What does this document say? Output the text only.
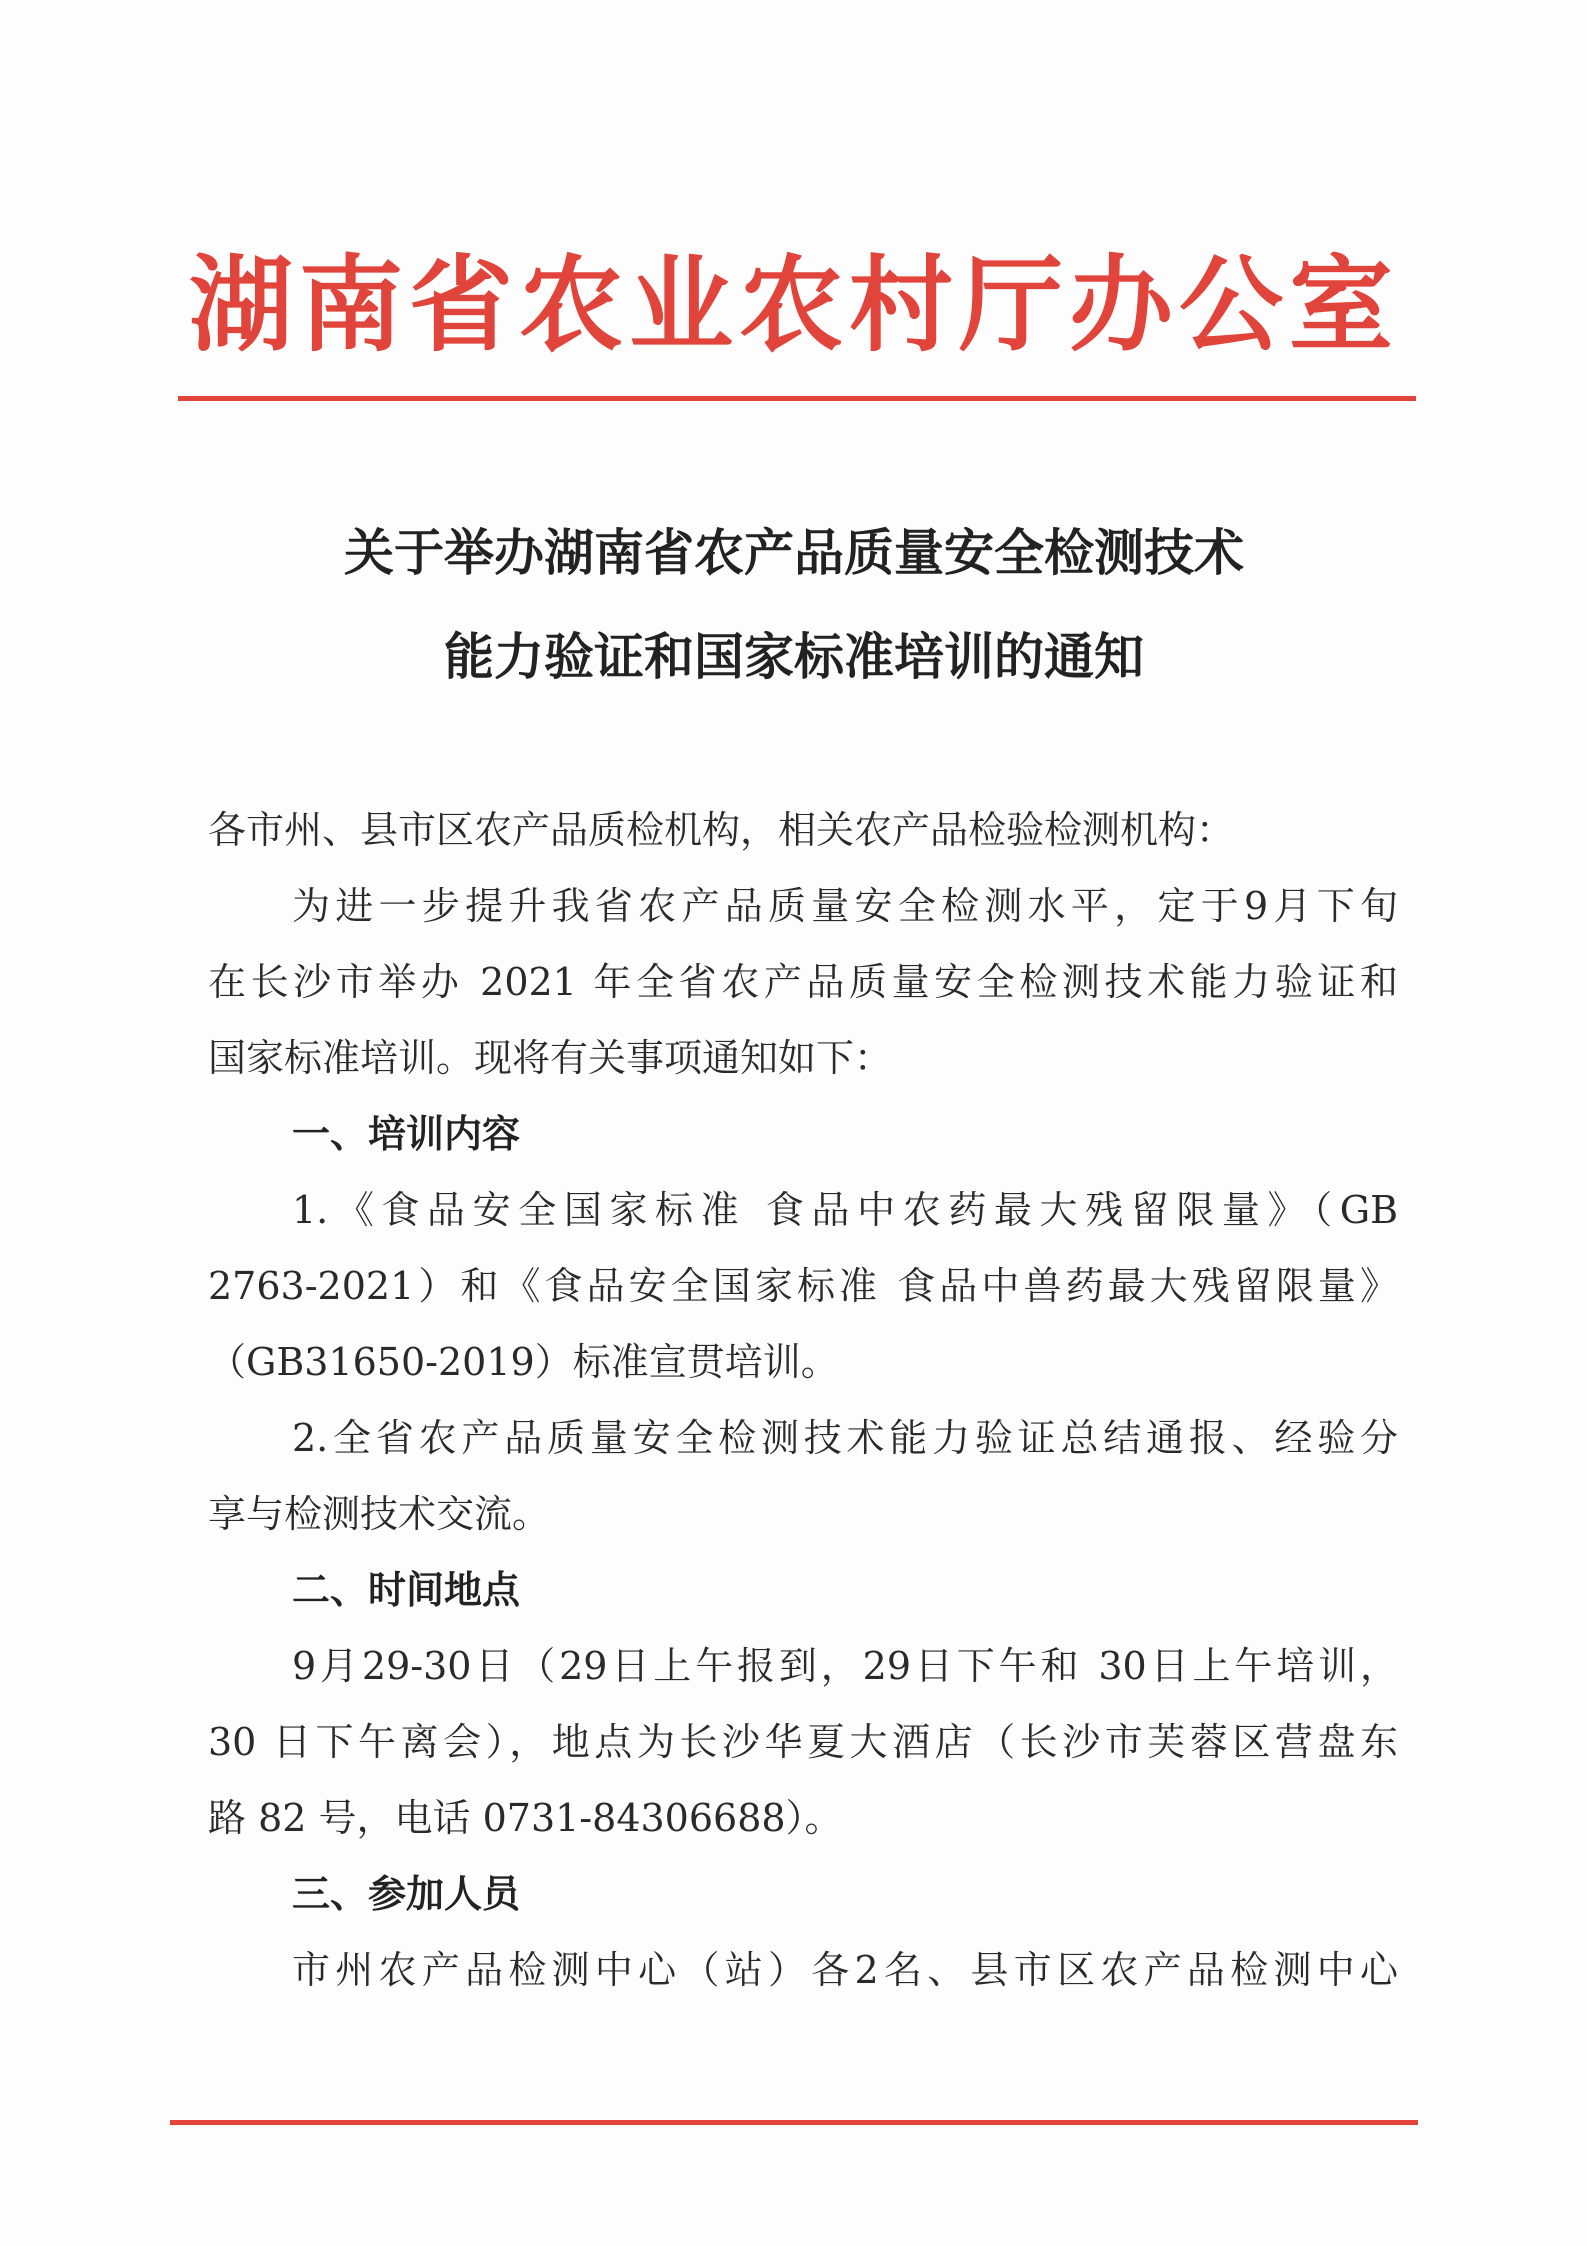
湖南省农业农村厅办公室
关于举办湖南省农产品质量安全检测技术
能力验证和国家标准培训的通知
各市州、县市区农产品质检机构，相关农产品检验检测机构：
为进一步提升我省农产品质量安全检测水平，定于9月下旬
在长沙市举办 2021 年全省农产品质量安全检测技术能力验证和
国家标准培训。现将有关事项通知如下：
一、培训内容
1.《食品安全国家标准 食品中农药最大残留限量》（GB
2763-2021）和《食品安全国家标准 食品中兽药最大残留限量》
（GB31650-2019）标准宣贯培训。
2.全省农产品质量安全检测技术能力验证总结通报、经验分
享与检测技术交流。
二、时间地点
9月29-30日（29日上午报到，29日下午和 30日上午培训，
30 日下午离会），地点为长沙华夏大酒店（长沙市芙蓉区营盘东
路 82 号，电话 0731-84306688）。
三、参加人员
市州农产品检测中心（站）各2名、县市区农产品检测中心
